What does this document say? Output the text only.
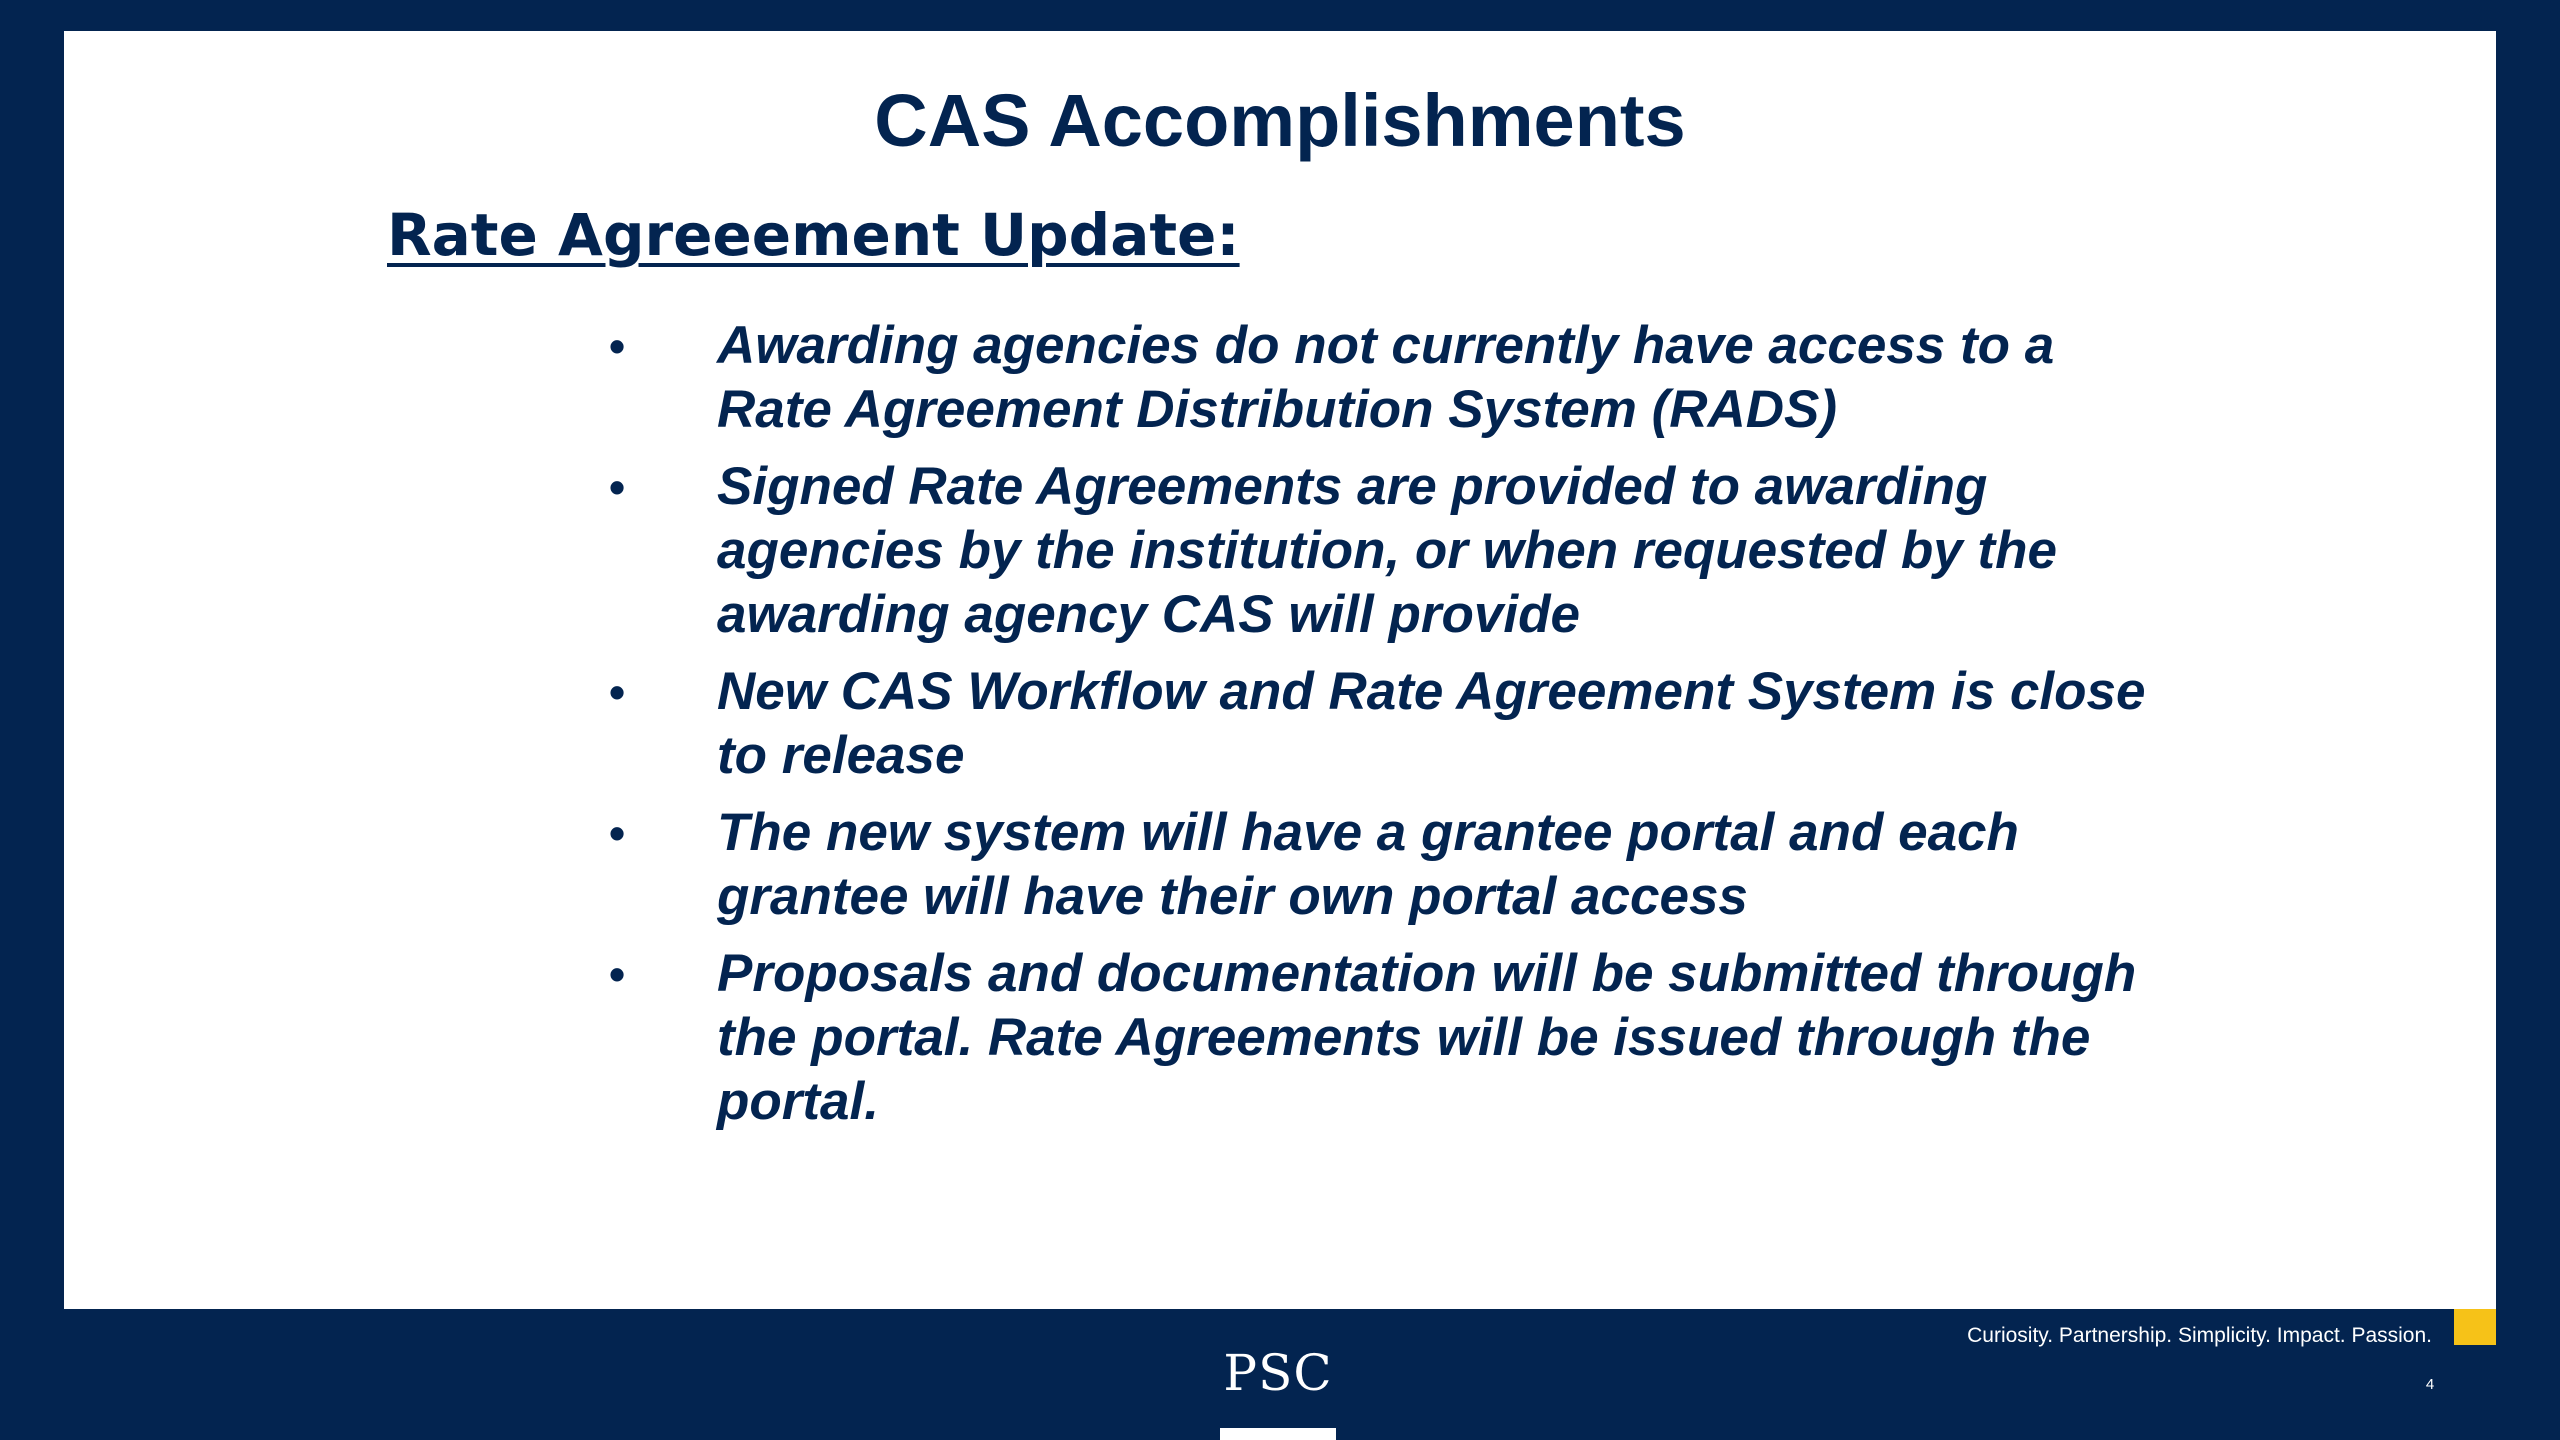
CAS Accomplishments
Rate Agreeement Update:
•	Awarding agencies do not currently have access to a Rate Agreement Distribution System (RADS)
•	Signed Rate Agreements are provided to awarding agencies by the institution, or when requested by the awarding agency CAS will provide
•	New CAS Workflow and Rate Agreement System is close to release
•	The new system will have a grantee portal and each grantee will have their own portal access
•	Proposals and documentation will be submitted through the portal. Rate Agreements will be issued through the portal.
Curiosity. Partnership. Simplicity. Impact. Passion.
4
PSC
